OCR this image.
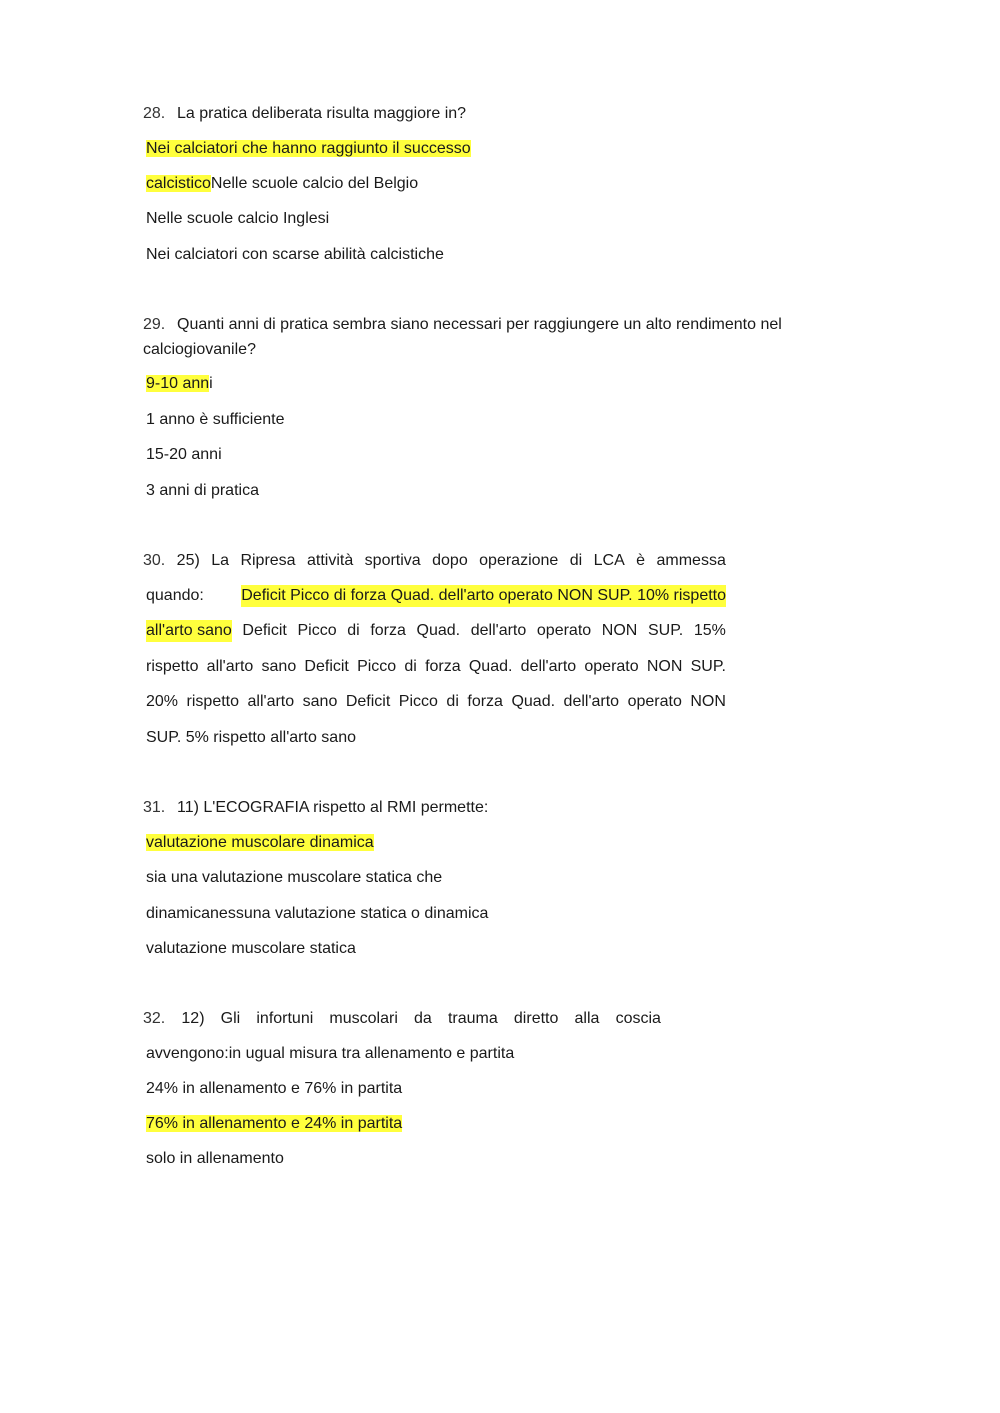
28. La pratica deliberata risulta maggiore in?
Nei calciatori che hanno raggiunto il successo
calcisticoNelle scuole calcio del Belgio
Nelle scuole calcio Inglesi
Nei calciatori con scarse abilità calcistiche
29. Quanti anni di pratica sembra siano necessari per raggiungere un alto rendimento nel
calciogiovanile?
9-10 anni
1 anno è sufficiente
15-20 anni
3 anni di pratica
30. 25) La Ripresa attività sportiva dopo operazione di LCA è ammessa
quando: Deficit Picco di forza Quad. dell'arto operato NON SUP. 10% rispetto
all'arto sano Deficit Picco di forza Quad. dell'arto operato NON SUP. 15%
rispetto all'arto sano Deficit Picco di forza Quad. dell'arto operato NON SUP.
20% rispetto all'arto sano Deficit Picco di forza Quad. dell'arto operato NON
SUP. 5% rispetto all'arto sano
31. 11) L'ECOGRAFIA rispetto al RMI permette:
valutazione muscolare dinamica
sia una valutazione muscolare statica che
dinamicanessuna valutazione statica o dinamica
valutazione muscolare statica
32. 12) Gli infortuni muscolari da trauma diretto alla coscia
avvengono:in ugual misura tra allenamento e partita
24% in allenamento e 76% in partita
76% in allenamento e 24% in partita
solo in allenamento
